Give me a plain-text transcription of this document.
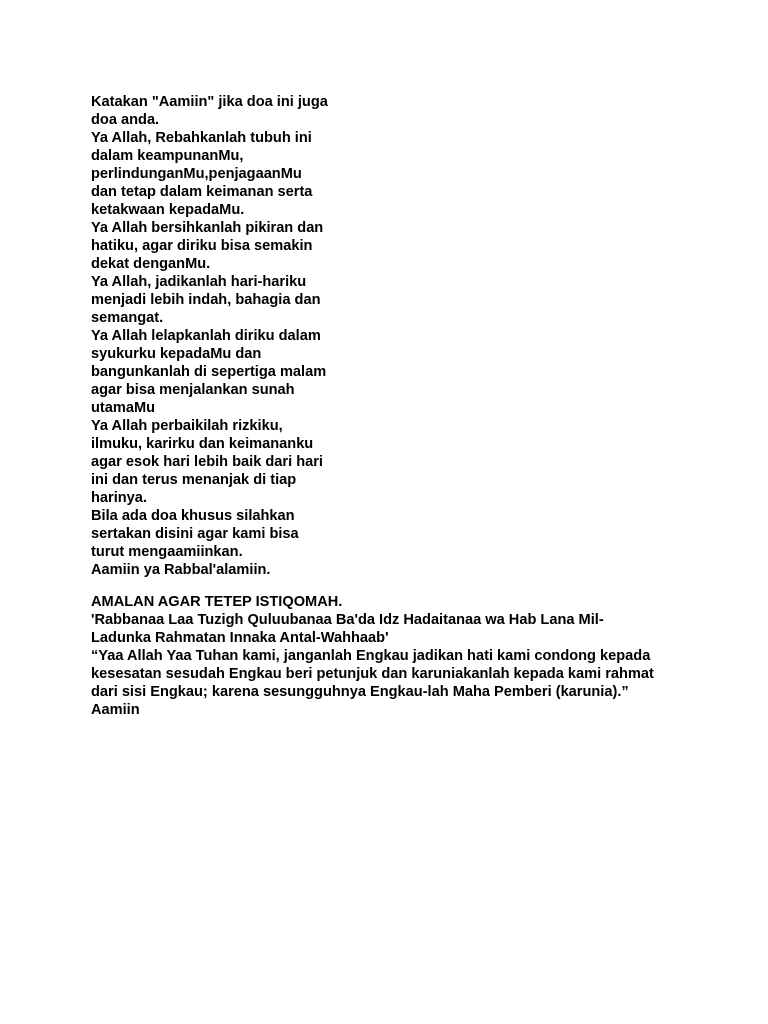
Katakan "Aamiin" jika doa ini juga
doa anda.
Ya Allah, Rebahkanlah tubuh ini
dalam keampunanMu,
perlindunganMu,penjagaanMu
dan tetap dalam keimanan serta
ketakwaan kepadaMu.
Ya Allah bersihkanlah pikiran dan
hatiku, agar diriku bisa semakin
dekat denganMu.
Ya Allah, jadikanlah hari-hariku
menjadi lebih indah, bahagia dan
semangat.
Ya Allah lelapkanlah diriku dalam
syukurku kepadaMu dan
bangunkanlah di sepertiga malam
agar bisa menjalankan sunah
utamaMu
Ya Allah perbaikilah rizkiku,
ilmuku, karirku dan keimananku
agar esok hari lebih baik dari hari
ini dan terus menanjak di tiap
harinya.
Bila ada doa khusus silahkan
sertakan disini agar kami bisa
turut mengaamiinkan.
Aamiin ya Rabbal'alamiin.
AMALAN AGAR TETEP ISTIQOMAH.
'Rabbanaa Laa Tuzigh Quluubanaa Ba'da Idz Hadaitanaa wa Hab Lana Mil-
Ladunka Rahmatan Innaka Antal-Wahhaab'
“Yaa Allah Yaa Tuhan kami, janganlah Engkau jadikan hati kami condong kepada
kesesatan sesudah Engkau beri petunjuk dan karuniakanlah kepada kami rahmat
dari sisi Engkau; karena sesungguhnya Engkau-lah Maha Pemberi (karunia).”
Aamiin
